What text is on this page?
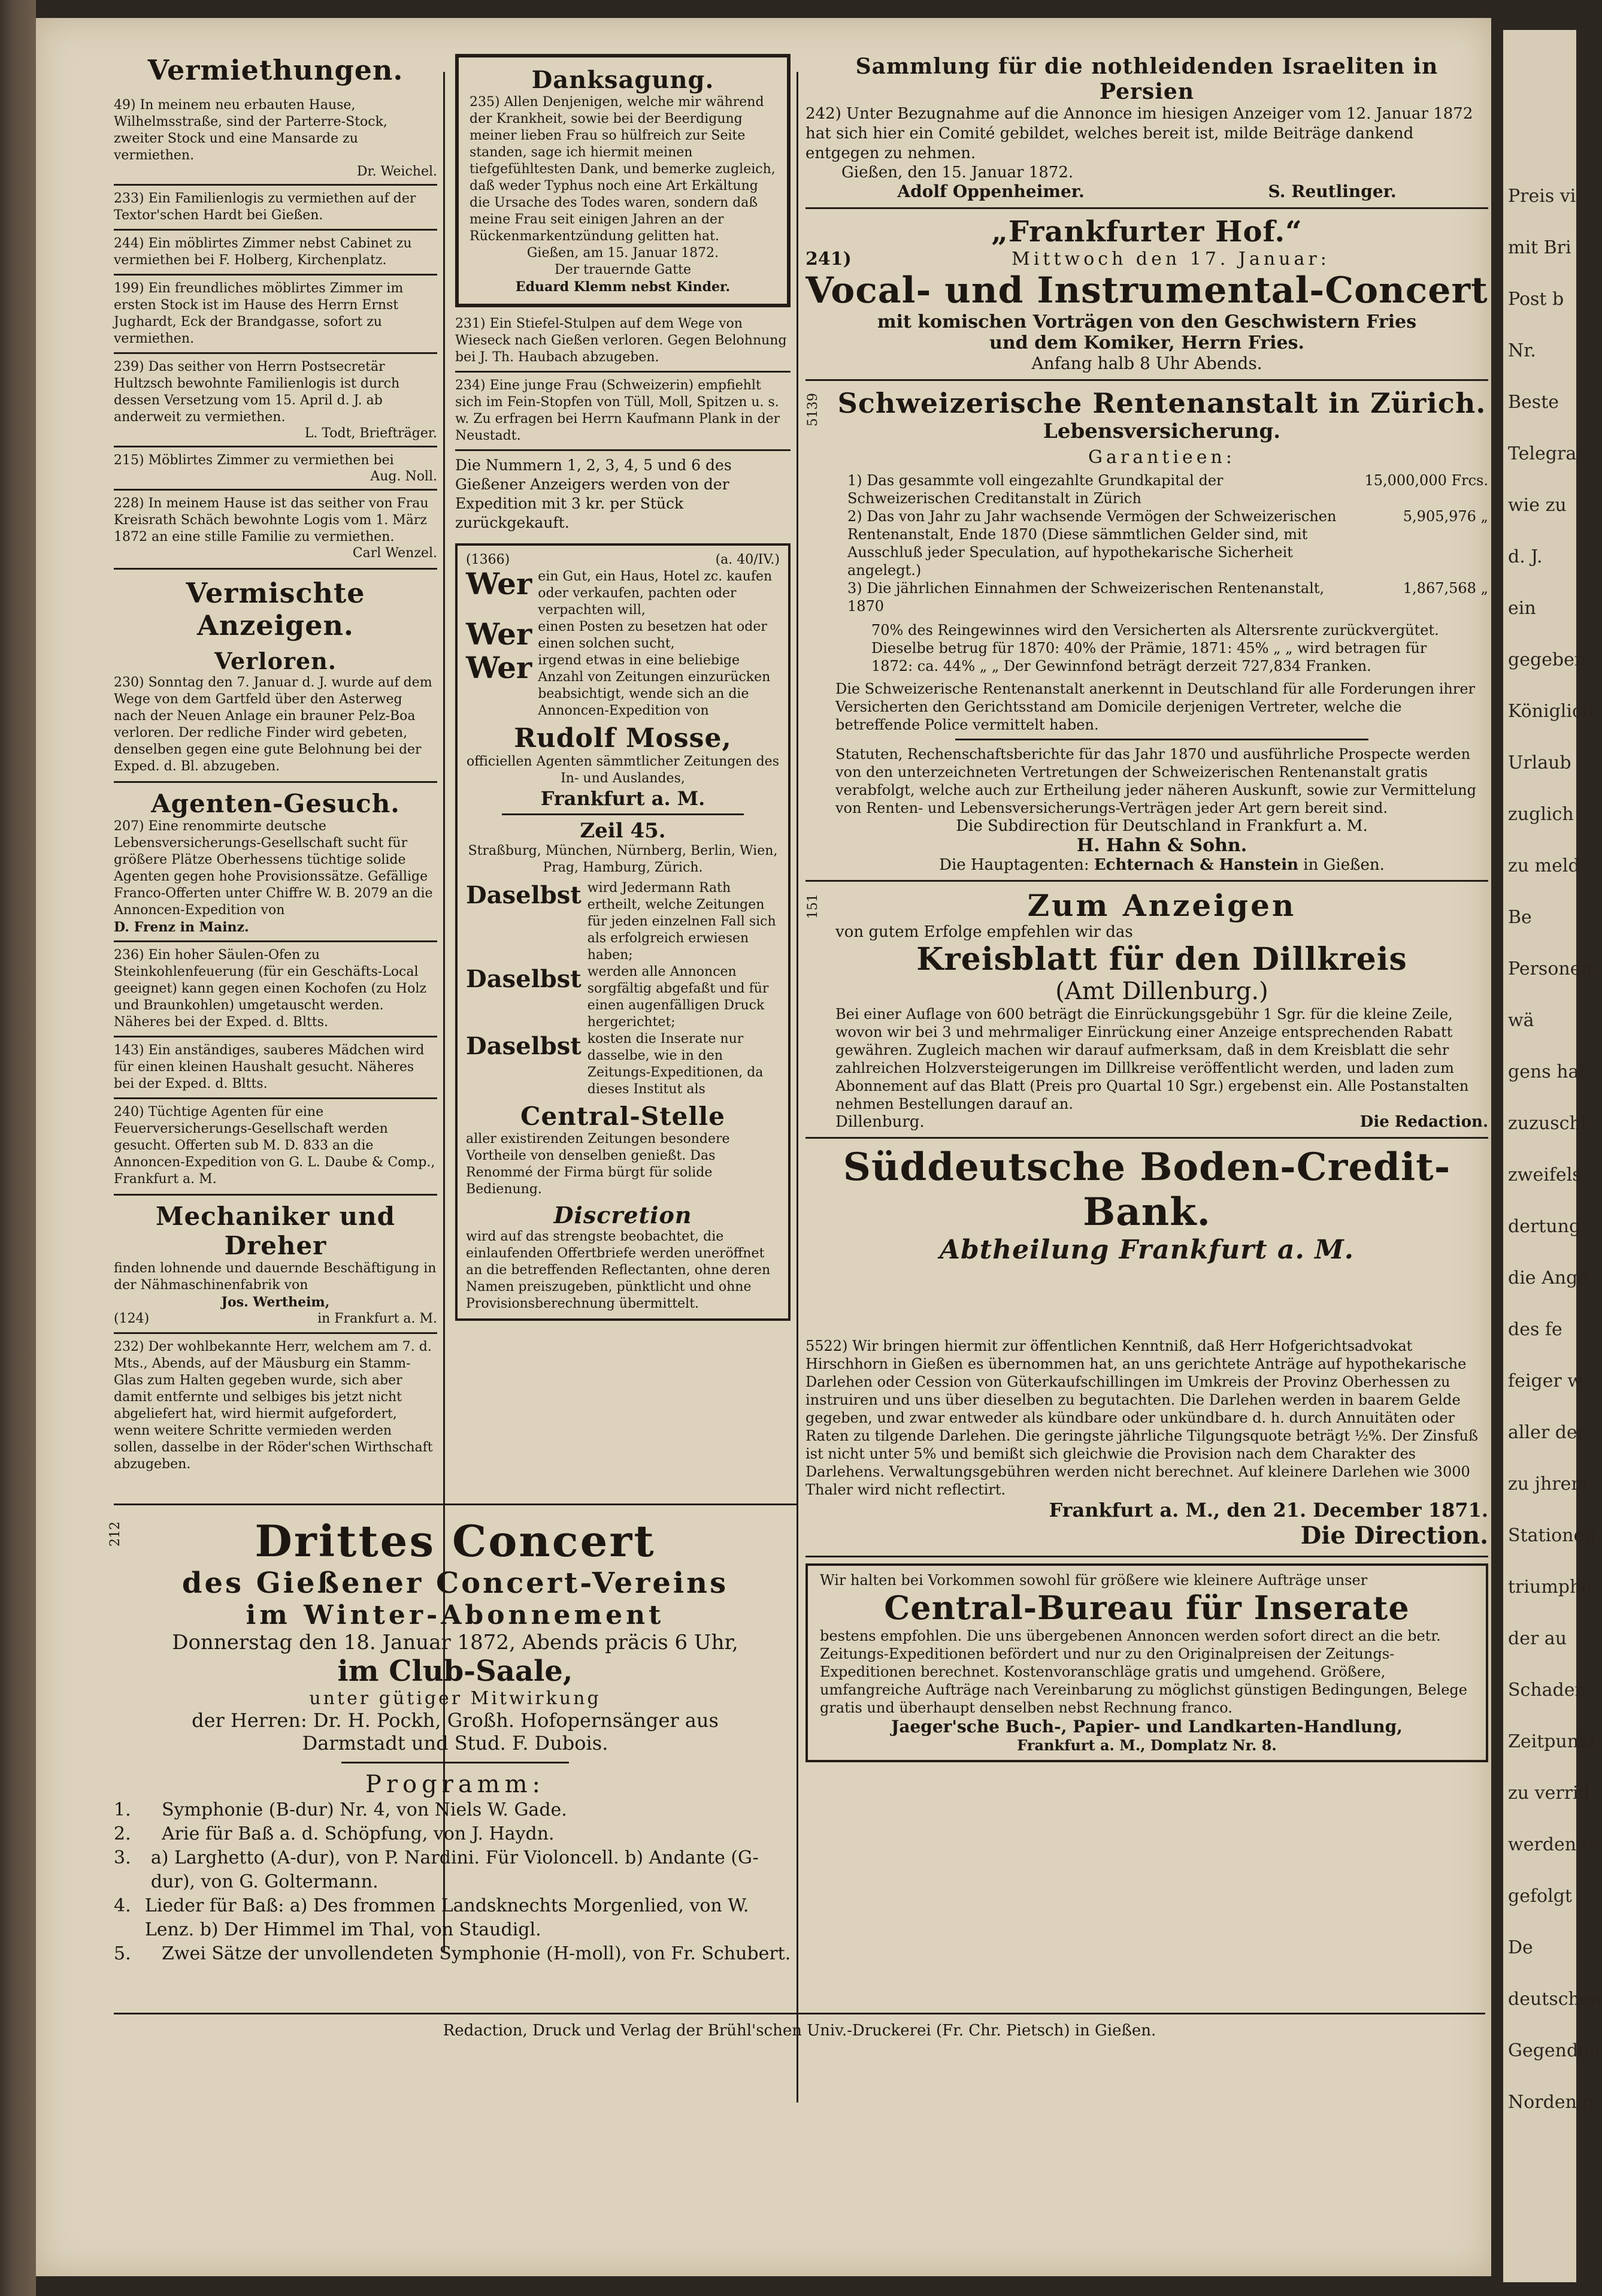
Vermiethungen.

49) In meinem neu erbauten Hause, Wilhelmsstraße, sind der Parterre-Stock, zweiter Stock und eine Mansarde zu vermiethen.

Dr. Weichel.

233) Ein Familienlogis zu vermiethen auf der Textor'schen Hardt bei Gießen.

244) Ein möblirtes Zimmer nebst Cabinet zu vermiethen bei F. Holberg, Kirchenplatz.

199) Ein freundliches möblirtes Zimmer im ersten Stock ist im Hause des Herrn Ernst Jughardt, Eck der Brandgasse, sofort zu vermiethen.

239) Das seither von Herrn Postsecretär Hultzsch bewohnte Familienlogis ist durch dessen Versetzung vom 15. April d. J. ab anderweit zu vermiethen.

L. Todt, Briefträger.

215) Möblirtes Zimmer zu vermiethen bei

Aug. Noll.

228) In meinem Hause ist das seither von Frau Kreisrath Schäch bewohnte Logis vom 1. März 1872 an eine stille Familie zu vermiethen.

Carl Wenzel.

Vermischte Anzeigen.
Verloren.

230) Sonntag den 7. Januar d. J. wurde auf dem Wege von dem Gartfeld über den Asterweg nach der Neuen Anlage ein brauner Pelz-Boa verloren. Der redliche Finder wird gebeten, denselben gegen eine gute Belohnung bei der Exped. d. Bl. abzugeben.

Agenten-Gesuch.

207) Eine renommirte deutsche Lebensversicherungs-Gesellschaft sucht für größere Plätze Oberhessens tüchtige solide Agenten gegen hohe Provisionssätze. Gefällige Franco-Offerten unter Chiffre W. B. 2079 an die Annoncen-Expedition von

D. Frenz in Mainz.

236) Ein hoher Säulen-Ofen zu Steinkohlenfeuerung (für ein Geschäfts-Local geeignet) kann gegen einen Kochofen (zu Holz und Braunkohlen) umgetauscht werden. Näheres bei der Exped. d. Bltts.

143) Ein anständiges, sauberes Mädchen wird für einen kleinen Haushalt gesucht. Näheres bei der Exped. d. Bltts.

240) Tüchtige Agenten für eine Feuerversicherungs-Gesellschaft werden gesucht. Offerten sub M. D. 833 an die Annoncen-Expedition von G. L. Daube & Comp., Frankfurt a. M.

Mechaniker und Dreher

finden lohnende und dauernde Beschäftigung in der Nähmaschinenfabrik von

Jos. Wertheim,

(124)	in Frankfurt a. M.

232) Der wohlbekannte Herr, welchem am 7. d. Mts., Abends, auf der Mäusburg ein Stamm-Glas zum Halten gegeben wurde, sich aber damit entfernte und selbiges bis jetzt nicht abgeliefert hat, wird hiermit aufgefordert, wenn weitere Schritte vermieden werden sollen, dasselbe in der Röder'schen Wirthschaft abzugeben.

Danksagung.

235) Allen Denjenigen, welche mir während der Krankheit, sowie bei der Beerdigung meiner lieben Frau so hülfreich zur Seite standen, sage ich hiermit meinen tiefgefühltesten Dank, und bemerke zugleich, daß weder Typhus noch eine Art Erkältung die Ursache des Todes waren, sondern daß meine Frau seit einigen Jahren an der Rückenmarkentzündung gelitten hat.

Gießen, am 15. Januar 1872.

Der trauernde Gatte

Eduard Klemm nebst Kinder.

231) Ein Stiefel-Stulpen auf dem Wege von Wieseck nach Gießen verloren. Gegen Belohnung bei J. Th. Haubach abzugeben.

234) Eine junge Frau (Schweizerin) empfiehlt sich im Fein-Stopfen von Tüll, Moll, Spitzen u. s. w. Zu erfragen bei Herrn Kaufmann Plank in der Neustadt.

Die Nummern 1, 2, 3, 4, 5 und 6 des Gießener Anzeigers werden von der Expedition mit 3 kr. per Stück zurückgekauft.

(1366)	(a. 40/IV.)
Wer ein Gut, ein Haus, Hotel zc. kaufen oder verkaufen, pachten oder verpachten will,
Wer einen Posten zu besetzen hat oder einen solchen sucht,
Wer irgend etwas in eine beliebige Anzahl von Zeitungen einzurücken beabsichtigt, wende sich an die Annoncen-Expedition von
Rudolf Mosse,

officiellen Agenten sämmtlicher Zeitungen des In- und Auslandes,

Frankfurt a. M.

Zeil 45.

Straßburg, München, Nürnberg, Berlin, Wien, Prag, Hamburg, Zürich.

Daselbst wird Jedermann Rath ertheilt, welche Zeitungen für jeden einzelnen Fall sich als erfolgreich erwiesen haben;
Daselbst werden alle Annoncen sorgfältig abgefaßt und für einen augenfälligen Druck hergerichtet;
Daselbst kosten die Inserate nur dasselbe, wie in den Zeitungs-Expeditionen, da dieses Institut als
Central-Stelle

aller existirenden Zeitungen besondere Vortheile von denselben genießt. Das Renommé der Firma bürgt für solide Bedienung.

Discretion

wird auf das strengste beobachtet, die einlaufenden Offertbriefe werden uneröffnet an die betreffenden Reflectanten, ohne deren Namen preiszugeben, pünktlicht und ohne Provisionsberechnung übermittelt.

Sammlung für die nothleidenden Israeliten in Persien

242) Unter Bezugnahme auf die Annonce im hiesigen Anzeiger vom 12. Januar 1872 hat sich hier ein Comité gebildet, welches bereit ist, milde Beiträge dankend entgegen zu nehmen.

Gießen, den 15. Januar 1872.

Adolf Oppenheimer.	S. Reutlinger.
„Frankfurter Hof.“
241)	Mittwoch den 17. Januar:
Vocal- und Instrumental-Concert

mit komischen Vorträgen von den Geschwistern Fries

und dem Komiker, Herrn Fries.

Anfang halb 8 Uhr Abends.

5139 Schweizerische Rentenanstalt in Zürich.

Lebensversicherung.

Garantieen:

1) Das gesammte voll eingezahlte Grundkapital der Schweizerischen Creditanstalt in Zürich
15,000,000 Frcs.
2) Das von Jahr zu Jahr wachsende Vermögen der Schweizerischen Rentenanstalt, Ende 1870 (Diese sämmtlichen Gelder sind, mit Ausschluß jeder Speculation, auf hypothekarische Sicherheit angelegt.)
5,905,976 „
3) Die jährlichen Einnahmen der Schweizerischen Rentenanstalt, 1870
1,867,568 „

70% des Reingewinnes wird den Versicherten als Altersrente zurückvergütet. Dieselbe betrug für 1870: 40% der Prämie, 1871: 45% „ „ wird betragen für 1872: ca. 44% „ „ Der Gewinnfond beträgt derzeit 727,834 Franken.

Die Schweizerische Rentenanstalt anerkennt in Deutschland für alle Forderungen ihrer Versicherten den Gerichtsstand am Domicile derjenigen Vertreter, welche die betreffende Police vermittelt haben.

Statuten, Rechenschaftsberichte für das Jahr 1870 und ausführliche Prospecte werden von den unterzeichneten Vertretungen der Schweizerischen Rentenanstalt gratis verabfolgt, welche auch zur Ertheilung jeder näheren Auskunft, sowie zur Vermittelung von Renten- und Lebensversicherungs-Verträgen jeder Art gern bereit sind.

Die Subdirection für Deutschland in Frankfurt a. M.

H. Hahn & Sohn.

Die Hauptagenten: Echternach & Hanstein in Gießen.

151	Zum Anzeigen

von gutem Erfolge empfehlen wir das

Kreisblatt für den Dillkreis

(Amt Dillenburg.)

Bei einer Auflage von 600 beträgt die Einrückungsgebühr 1 Sgr. für die kleine Zeile, wovon wir bei 3 und mehrmaliger Einrückung einer Anzeige entsprechenden Rabatt gewähren. Zugleich machen wir darauf aufmerksam, daß in dem Kreisblatt die sehr zahlreichen Holzversteigerungen im Dillkreise veröffentlicht werden, und laden zum Abonnement auf das Blatt (Preis pro Quartal 10 Sgr.) ergebenst ein. Alle Postanstalten nehmen Bestellungen darauf an.

Dillenburg.	Die Redaction.
Süddeutsche Boden-Credit-Bank.
Abtheilung Frankfurt a. M.

5522) Wir bringen hiermit zur öffentlichen Kenntniß, daß Herr Hofgerichtsadvokat Hirschhorn in Gießen es übernommen hat, an uns gerichtete Anträge auf hypothekarische Darlehen oder Cession von Güterkaufschillingen im Umkreis der Provinz Oberhessen zu instruiren und uns über dieselben zu begutachten. Die Darlehen werden in baarem Gelde gegeben, und zwar entweder als kündbare oder unkündbare d. h. durch Annuitäten oder Raten zu tilgende Darlehen. Die geringste jährliche Tilgungsquote beträgt ½%. Der Zinsfuß ist nicht unter 5% und bemißt sich gleichwie die Provision nach dem Charakter des Darlehens. Verwaltungsgebühren werden nicht berechnet. Auf kleinere Darlehen wie 3000 Thaler wird nicht reflectirt.

Frankfurt a. M., den 21. December 1871.

Die Direction.

Wir halten bei Vorkommen sowohl für größere wie kleinere Aufträge unser

Central-Bureau für Inserate

bestens empfohlen. Die uns übergebenen Annoncen werden sofort direct an die betr. Zeitungs-Expeditionen befördert und nur zu den Originalpreisen der Zeitungs-Expeditionen berechnet. Kostenvoranschläge gratis und umgehend. Größere, umfangreiche Aufträge nach Vereinbarung zu möglichst günstigen Bedingungen, Belege gratis und überhaupt denselben nebst Rechnung franco.

Jaeger'sche Buch-, Papier- und Landkarten-Handlung,

Frankfurt a. M., Domplatz Nr. 8.

212	Drittes Concert
des Gießener Concert-Vereins
im Winter-Abonnement

Donnerstag den 18. Januar 1872, Abends präcis 6 Uhr,

im Club-Saale,

unter gütiger Mitwirkung

der Herren: Dr. H. Pockh, Großh. Hofopernsänger aus Darmstadt und Stud. F. Dubois.

Programm:

1.	Symphonie (B-dur) Nr. 4, von Niels W. Gade.
2.	Arie für Baß a. d. Schöpfung, von J. Haydn.
3.	a) Larghetto (A-dur), von P. Nardini. Für Violoncell. b) Andante (G-dur), von G. Goltermann.
4. Lieder für Baß: a) Des frommen Landsknechts Morgenlied, von W. Lenz. b) Der Himmel im Thal, von Staudigl.
5.	Zwei Sätze der unvollendeten Symphonie (H-moll), von Fr. Schubert.

Redaction, Druck und Verlag der Brühl'schen Univ.-Druckerei (Fr. Chr. Pietsch) in Gießen.

Preis vi
mit Bri
Post b
Nr.
Beste
Telegra
wie zu
d. J.
ein
gegeben
Königlich
Urlaub
zuglich
zu meld
Be
Personen,
wä
gens hal
zuzuschi
zweifels
dertung
die Ange
des fe
feiger w
aller der
zu jhrem
Stationen
triumphe
der au
Schaden
Zeitpunkt
zu verrid
werden w
gefolgt
De
deutschen
Gegenden
Norden g
